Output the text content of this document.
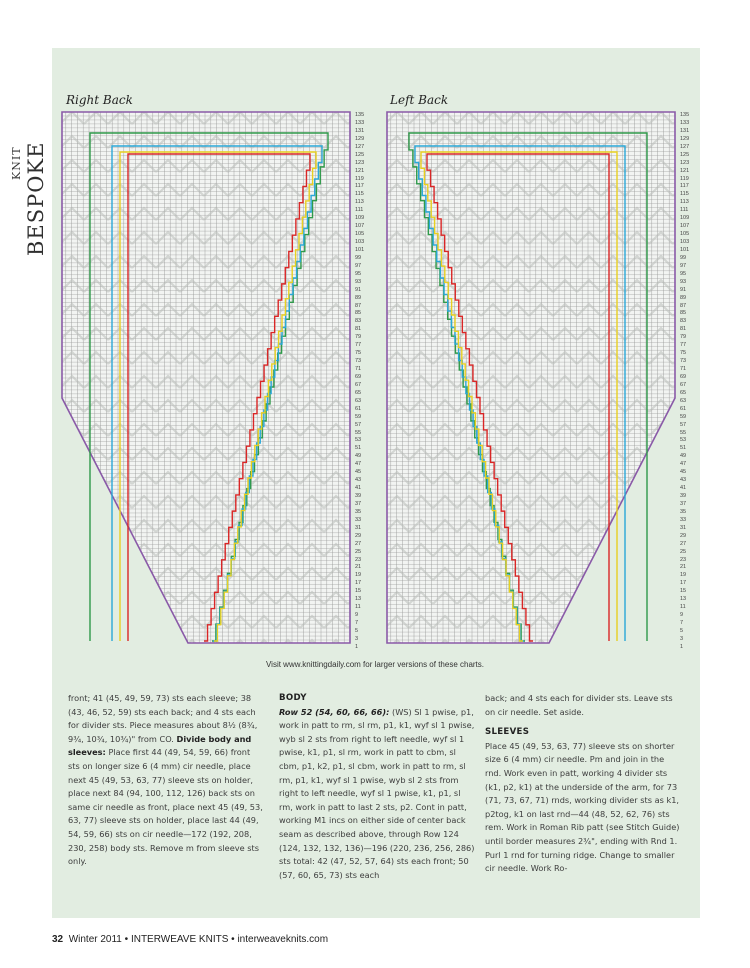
KNIT BESPOKE
Right Back	Left Back
135
133
131
129
127
125
123
121
119
117
115
113
111
109
107
105
103
101
99
97
95
93
91
89
87
85
83
81
79
77
75
73
71
69
67
65
63
61
59
57
55
53
51
49
47
45
43
41
39
37
35
33
31
29
27
25
23
21
19
17
15
13
11
9
7
5
3
1
135
133
131
129
127
125
123
121
119
117
115
113
111
109
107
105
103
101
99
97
95
93
91
89
87
85
83
81
79
77
75
73
71
69
67
65
63
61
59
57
55
53
51
49
47
45
43
41
39
37
35
33
31
29
27
25
23
21
19
17
15
13
11
9
7
5
3
1
Visit www.knittingdaily.com for larger versions of these charts.

front; 41 (45, 49, 59, 73) sts each sleeve; 38 (43, 46, 52, 59) sts each back; and 4 sts each for divider sts. Piece measures about 8½ (8¾, 9¾, 10¾, 10¾)" from CO. Divide body and sleeves: Place first 44 (49, 54, 59, 66) front sts on longer size 6 (4 mm) cir needle, place next 45 (49, 53, 63, 77) sleeve sts on holder, place next 84 (94, 100, 112, 126) back sts on same cir needle as front, place next 45 (49, 53, 63, 77) sleeve sts on holder, place last 44 (49, 54, 59, 66) sts on cir needle—172 (192, 208, 230, 258) body sts. Remove m from sleeve sts only.

BODY

Row 52 (54, 60, 66, 66): (WS) Sl 1 pwise, p1, work in patt to rm, sl rm, p1, k1, wyf sl 1 pwise, wyb sl 2 sts from right to left needle, wyf sl 1 pwise, k1, p1, sl rm, work in patt to cbm, sl cbm, p1, k2, p1, sl cbm, work in patt to rm, sl rm, p1, k1, wyf sl 1 pwise, wyb sl 2 sts from right to left needle, wyf sl 1 pwise, k1, p1, sl rm, work in patt to last 2 sts, p2. Cont in patt, working M1 incs on either side of center back seam as described above, through Row 124 (124, 132, 132, 136)—196 (220, 236, 256, 286) sts total: 42 (47, 52, 57, 64) sts each front; 50 (57, 60, 65, 73) sts each

back; and 4 sts each for divider sts. Leave sts on cir needle. Set aside.

SLEEVES

Place 45 (49, 53, 63, 77) sleeve sts on shorter size 6 (4 mm) cir needle. Pm and join in the rnd. Work even in patt, working 4 divider sts (k1, p2, k1) at the underside of the arm, for 73 (71, 73, 67, 71) rnds, working divider sts as k1, p2tog, k1 on last rnd—44 (48, 52, 62, 76) sts rem. Work in Roman Rib patt (see Stitch Guide) until border measures 2¾", ending with Rnd 1. Purl 1 rnd for turning ridge. Change to smaller cir needle. Work Ro-

32 Winter 2011 • INTERWEAVE KNITS • interweaveknits.com
